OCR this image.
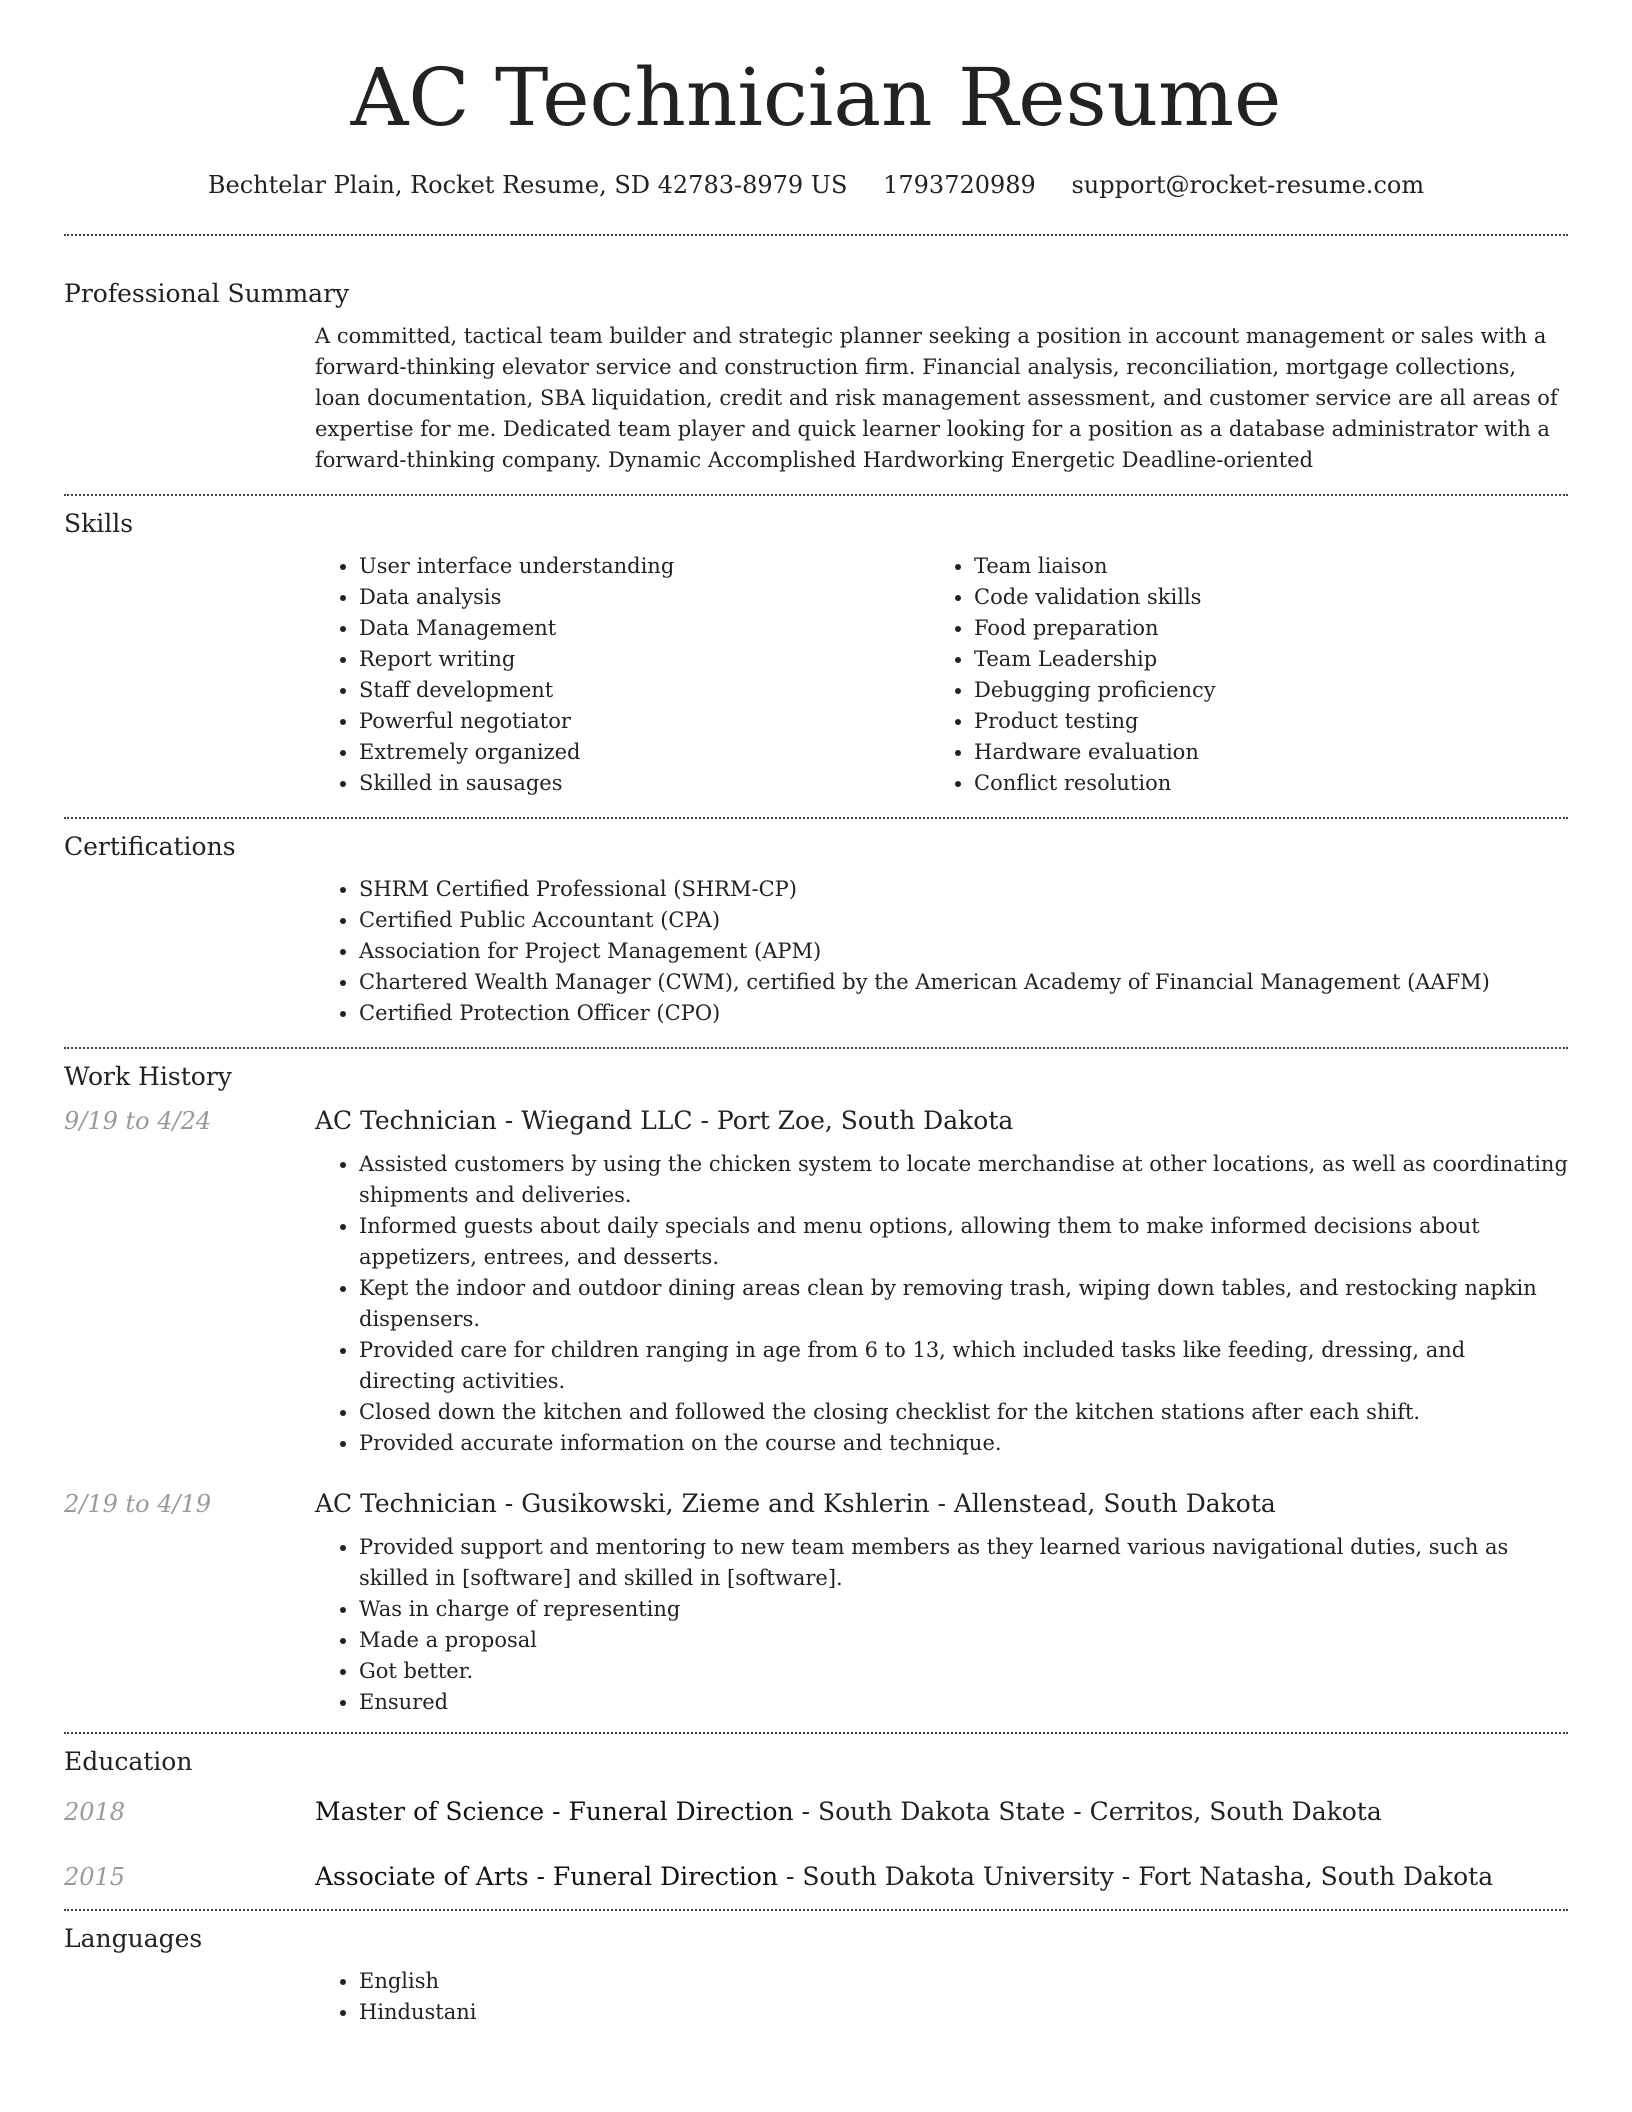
AC Technician Resume
Bechtelar Plain, Rocket Resume, SD 42783-8979 US 1793720989 support@rocket-resume.com
Professional Summary
A committed, tactical team builder and strategic planner seeking a position in account management or sales with a forward-thinking elevator service and construction firm. Financial analysis, reconciliation, mortgage collections, loan documentation, SBA liquidation, credit and risk management assessment, and customer service are all areas of expertise for me. Dedicated team player and quick learner looking for a position as a database administrator with a forward-thinking company. Dynamic Accomplished Hardworking Energetic Deadline-oriented
Skills
• User interface understanding
• Data analysis
• Data Management
• Report writing
• Staff development
• Powerful negotiator
• Extremely organized
• Skilled in sausages
• Team liaison
• Code validation skills
• Food preparation
• Team Leadership
• Debugging proficiency
• Product testing
• Hardware evaluation
• Conflict resolution
Certifications
• SHRM Certified Professional (SHRM-CP)
• Certified Public Accountant (CPA)
• Association for Project Management (APM)
• Chartered Wealth Manager (CWM), certified by the American Academy of Financial Management (AAFM)
• Certified Protection Officer (CPO)
Work History
9/19 to 4/24	AC Technician - Wiegand LLC - Port Zoe, South Dakota
• Assisted customers by using the chicken system to locate merchandise at other locations, as well as coordinating shipments and deliveries.
• Informed guests about daily specials and menu options, allowing them to make informed decisions about appetizers, entrees, and desserts.
• Kept the indoor and outdoor dining areas clean by removing trash, wiping down tables, and restocking napkin dispensers.
• Provided care for children ranging in age from 6 to 13, which included tasks like feeding, dressing, and directing activities.
• Closed down the kitchen and followed the closing checklist for the kitchen stations after each shift.
• Provided accurate information on the course and technique.
2/19 to 4/19	AC Technician - Gusikowski, Zieme and Kshlerin - Allenstead, South Dakota
• Provided support and mentoring to new team members as they learned various navigational duties, such as skilled in [software] and skilled in [software].
• Was in charge of representing
• Made a proposal
• Got better.
• Ensured
Education
2018	Master of Science - Funeral Direction - South Dakota State - Cerritos, South Dakota
2015	Associate of Arts - Funeral Direction - South Dakota University - Fort Natasha, South Dakota
Languages
• English
• Hindustani
